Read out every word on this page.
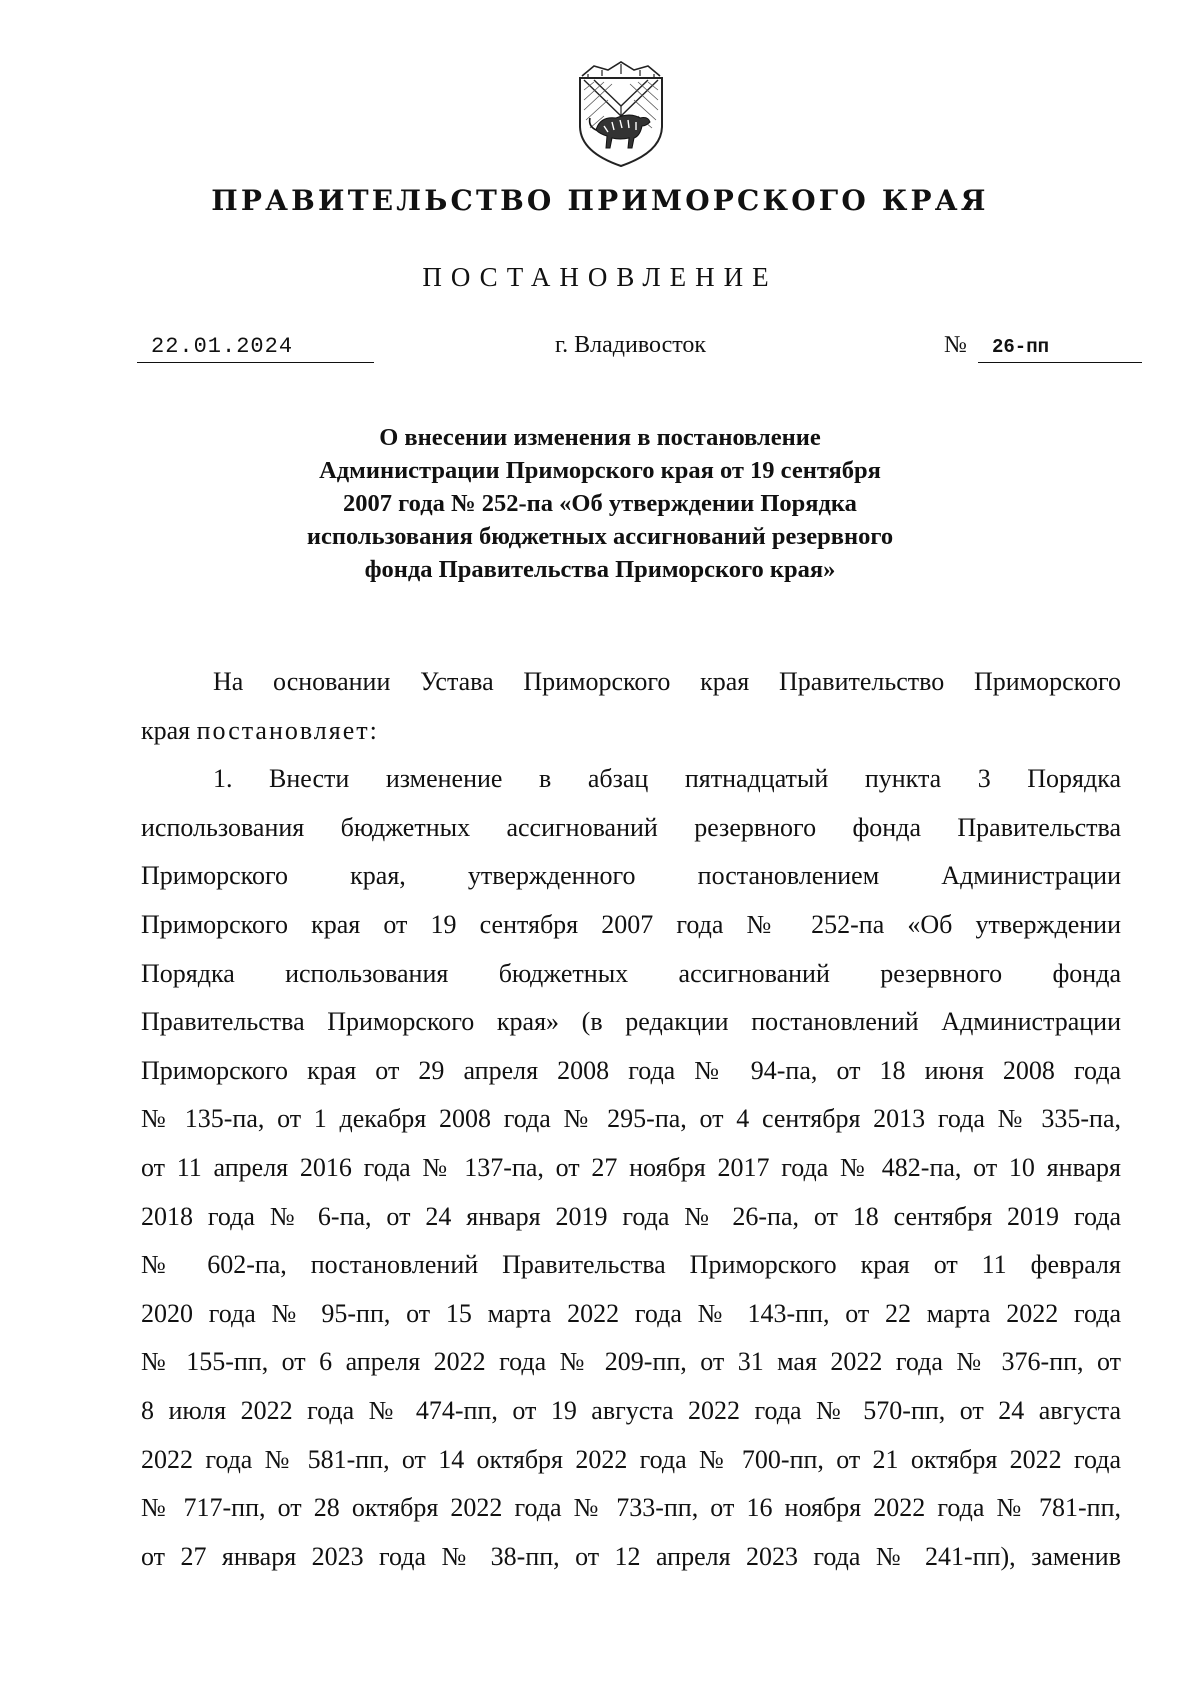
ПРАВИТЕЛЬСТВО ПРИМОРСКОГО КРАЯ
ПОСТАНОВЛЕНИЕ
22.01.2024	г. Владивосток	№ 26-пп
О внесении изменения в постановление
Администрации Приморского края от 19 сентября
2007 года № 252-па «Об утверждении Порядка
использования бюджетных ассигнований резервного
фонда Правительства Приморского края»
На основании Устава Приморского края Правительство Приморского
края постановляет:
1. Внести изменение в абзац пятнадцатый пункта 3 Порядка
использования бюджетных ассигнований резервного фонда Правительства
Приморского края, утвержденного постановлением Администрации
Приморского края от 19 сентября 2007 года № 252-па «Об утверждении
Порядка использования бюджетных ассигнований резервного фонда
Правительства Приморского края» (в редакции постановлений Администрации
Приморского края от 29 апреля 2008 года № 94-па, от 18 июня 2008 года
№ 135-па, от 1 декабря 2008 года № 295-па, от 4 сентября 2013 года № 335-па,
от 11 апреля 2016 года № 137-па, от 27 ноября 2017 года № 482-па, от 10 января
2018 года № 6-па, от 24 января 2019 года № 26-па, от 18 сентября 2019 года
№ 602-па, постановлений Правительства Приморского края от 11 февраля
2020 года № 95-пп, от 15 марта 2022 года № 143-пп, от 22 марта 2022 года
№ 155-пп, от 6 апреля 2022 года № 209-пп, от 31 мая 2022 года № 376-пп, от
8 июля 2022 года № 474-пп, от 19 августа 2022 года № 570-пп, от 24 августа
2022 года № 581-пп, от 14 октября 2022 года № 700-пп, от 21 октября 2022 года
№ 717-пп, от 28 октября 2022 года № 733-пп, от 16 ноября 2022 года № 781-пп,
от 27 января 2023 года № 38-пп, от 12 апреля 2023 года № 241-пп), заменив
